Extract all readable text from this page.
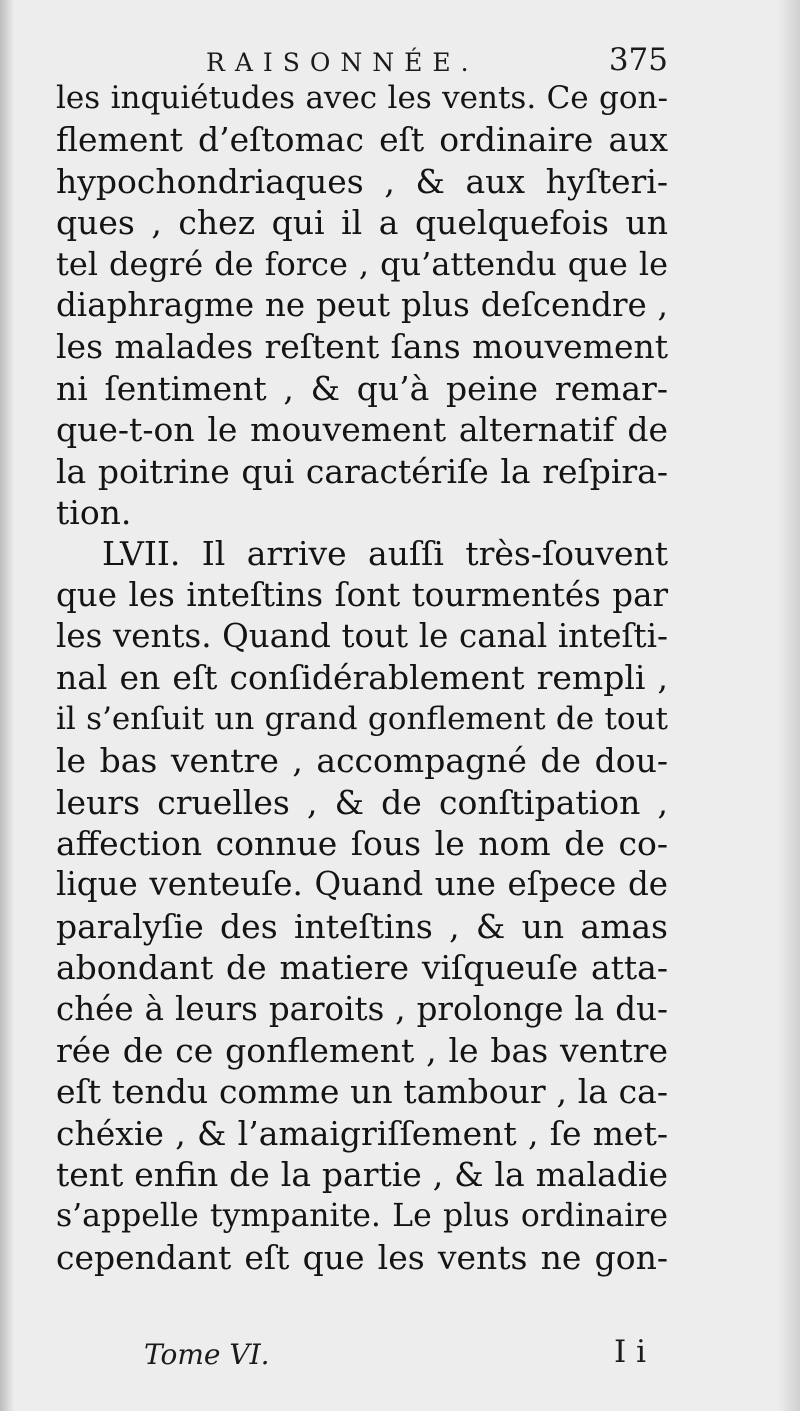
RAISONNÉE.	375
les inquiétudes avec les vents. Ce gon-
flement d’eſtomac eſt ordinaire aux
hypochondriaques , & aux hyſteri-
ques , chez qui il a quelquefois un
tel degré de force , qu’attendu que le
diaphragme ne peut plus deſcendre ,
les malades reſtent ſans mouvement
ni ſentiment , & qu’à peine remar-
que-t-on le mouvement alternatif de
la poitrine qui caractériſe la reſpira-
tion.
LVII. Il arrive auſſi très-ſouvent
que les inteſtins ſont tourmentés par
les vents. Quand tout le canal inteſti-
nal en eſt conſidérablement rempli ,
il s’enſuit un grand gonflement de tout
le bas ventre , accompagné de dou-
leurs cruelles , & de conſtipation ,
affection connue ſous le nom de co-
lique venteuſe. Quand une eſpece de
paralyſie des inteſtins , & un amas
abondant de matiere viſqueuſe atta-
chée à leurs paroits , prolonge la du-
rée de ce gonflement , le bas ventre
eſt tendu comme un tambour , la ca-
chéxie , & l’amaigriſſement , ſe met-
tent enfin de la partie , & la maladie
s’appelle tympanite. Le plus ordinaire
cependant eſt que les vents ne gon-
Tome VI.	I i
